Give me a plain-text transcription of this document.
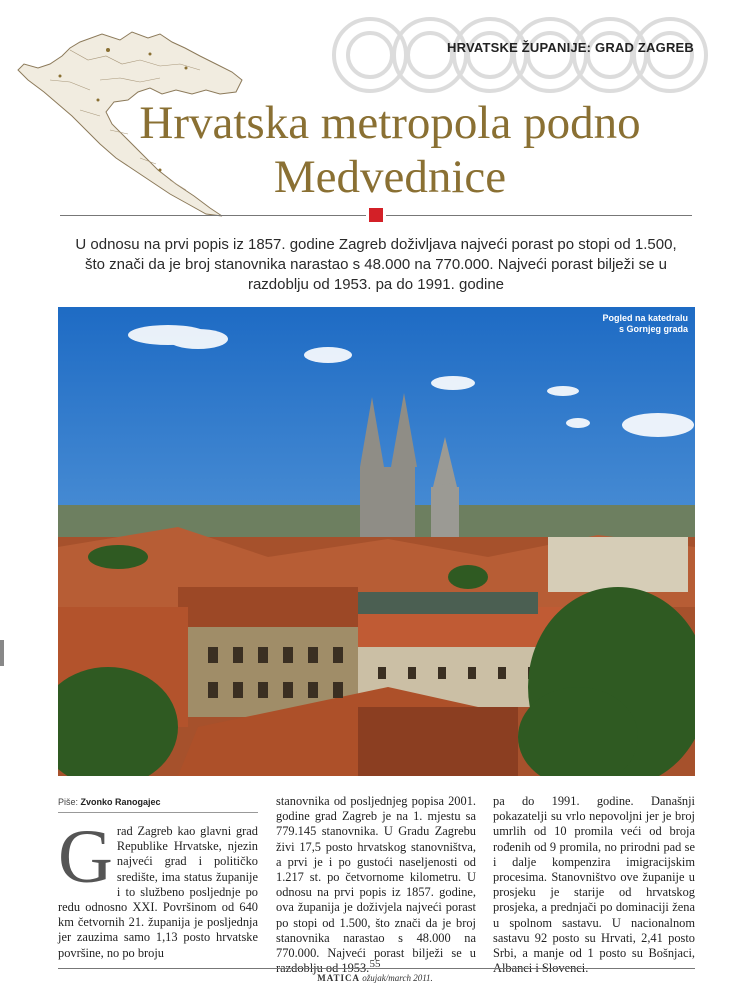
HRVATSKE ŽUPANIJE: GRAD ZAGREB
Hrvatska metropola podno
Medvednice

U odnosu na prvi popis iz 1857. godine Zagreb doživljava najveći porast po stopi od 1.500, što znači da je broj stanovnika narastao s 48.000 na 770.000. Najveći porast bilježi se u razdoblju od 1953. pa do 1991. godine

Pogled na katedralu
s Gornjeg grada
Piše: Zvonko Ranogajec

Grad Zagreb kao glavni grad Republike Hrvatske, njezin najveći grad i političko središte, ima status županije i to službeno posljednje po redu odnosno XXI. Površinom od 640 km četvornih 21. županija je posljednja jer zauzima samo 1,13 posto hrvatske površine, no po broju

stanovnika od posljednjeg popisa 2001. godine grad Zagreb je na 1. mjestu sa 779.145 stanovnika. U Gradu Zagrebu živi 17,5 posto hrvatskog stanovništva, a prvi je i po gustoći naseljenosti od 1.217 st. po četvornome kilometru. U odnosu na prvi popis iz 1857. godine, ova županija je doživjela najveći porast po stopi od 1.500, što znači da je broj stanovnika narastao s 48.000 na 770.000. Najveći porast bilježi se u razdoblju od 1953.

pa do 1991. godine. Današnji pokazatelji su vrlo nepovoljni jer je broj umrlih od 10 promila veći od broja rođenih od 9 promila, no prirodni pad se i dalje kompenzira imigracijskim procesima. Stanovništvo ove županije u prosjeku je starije od hrvatskog prosjeka, a prednjači po dominaciji žena u spolnom sastavu. U nacionalnom sastavu 92 posto su Hrvati, 2,41 posto Srbi, a manje od 1 posto su Bošnjaci, Albanci i Slovenci.

55
MATICA ožujak/march 2011.
